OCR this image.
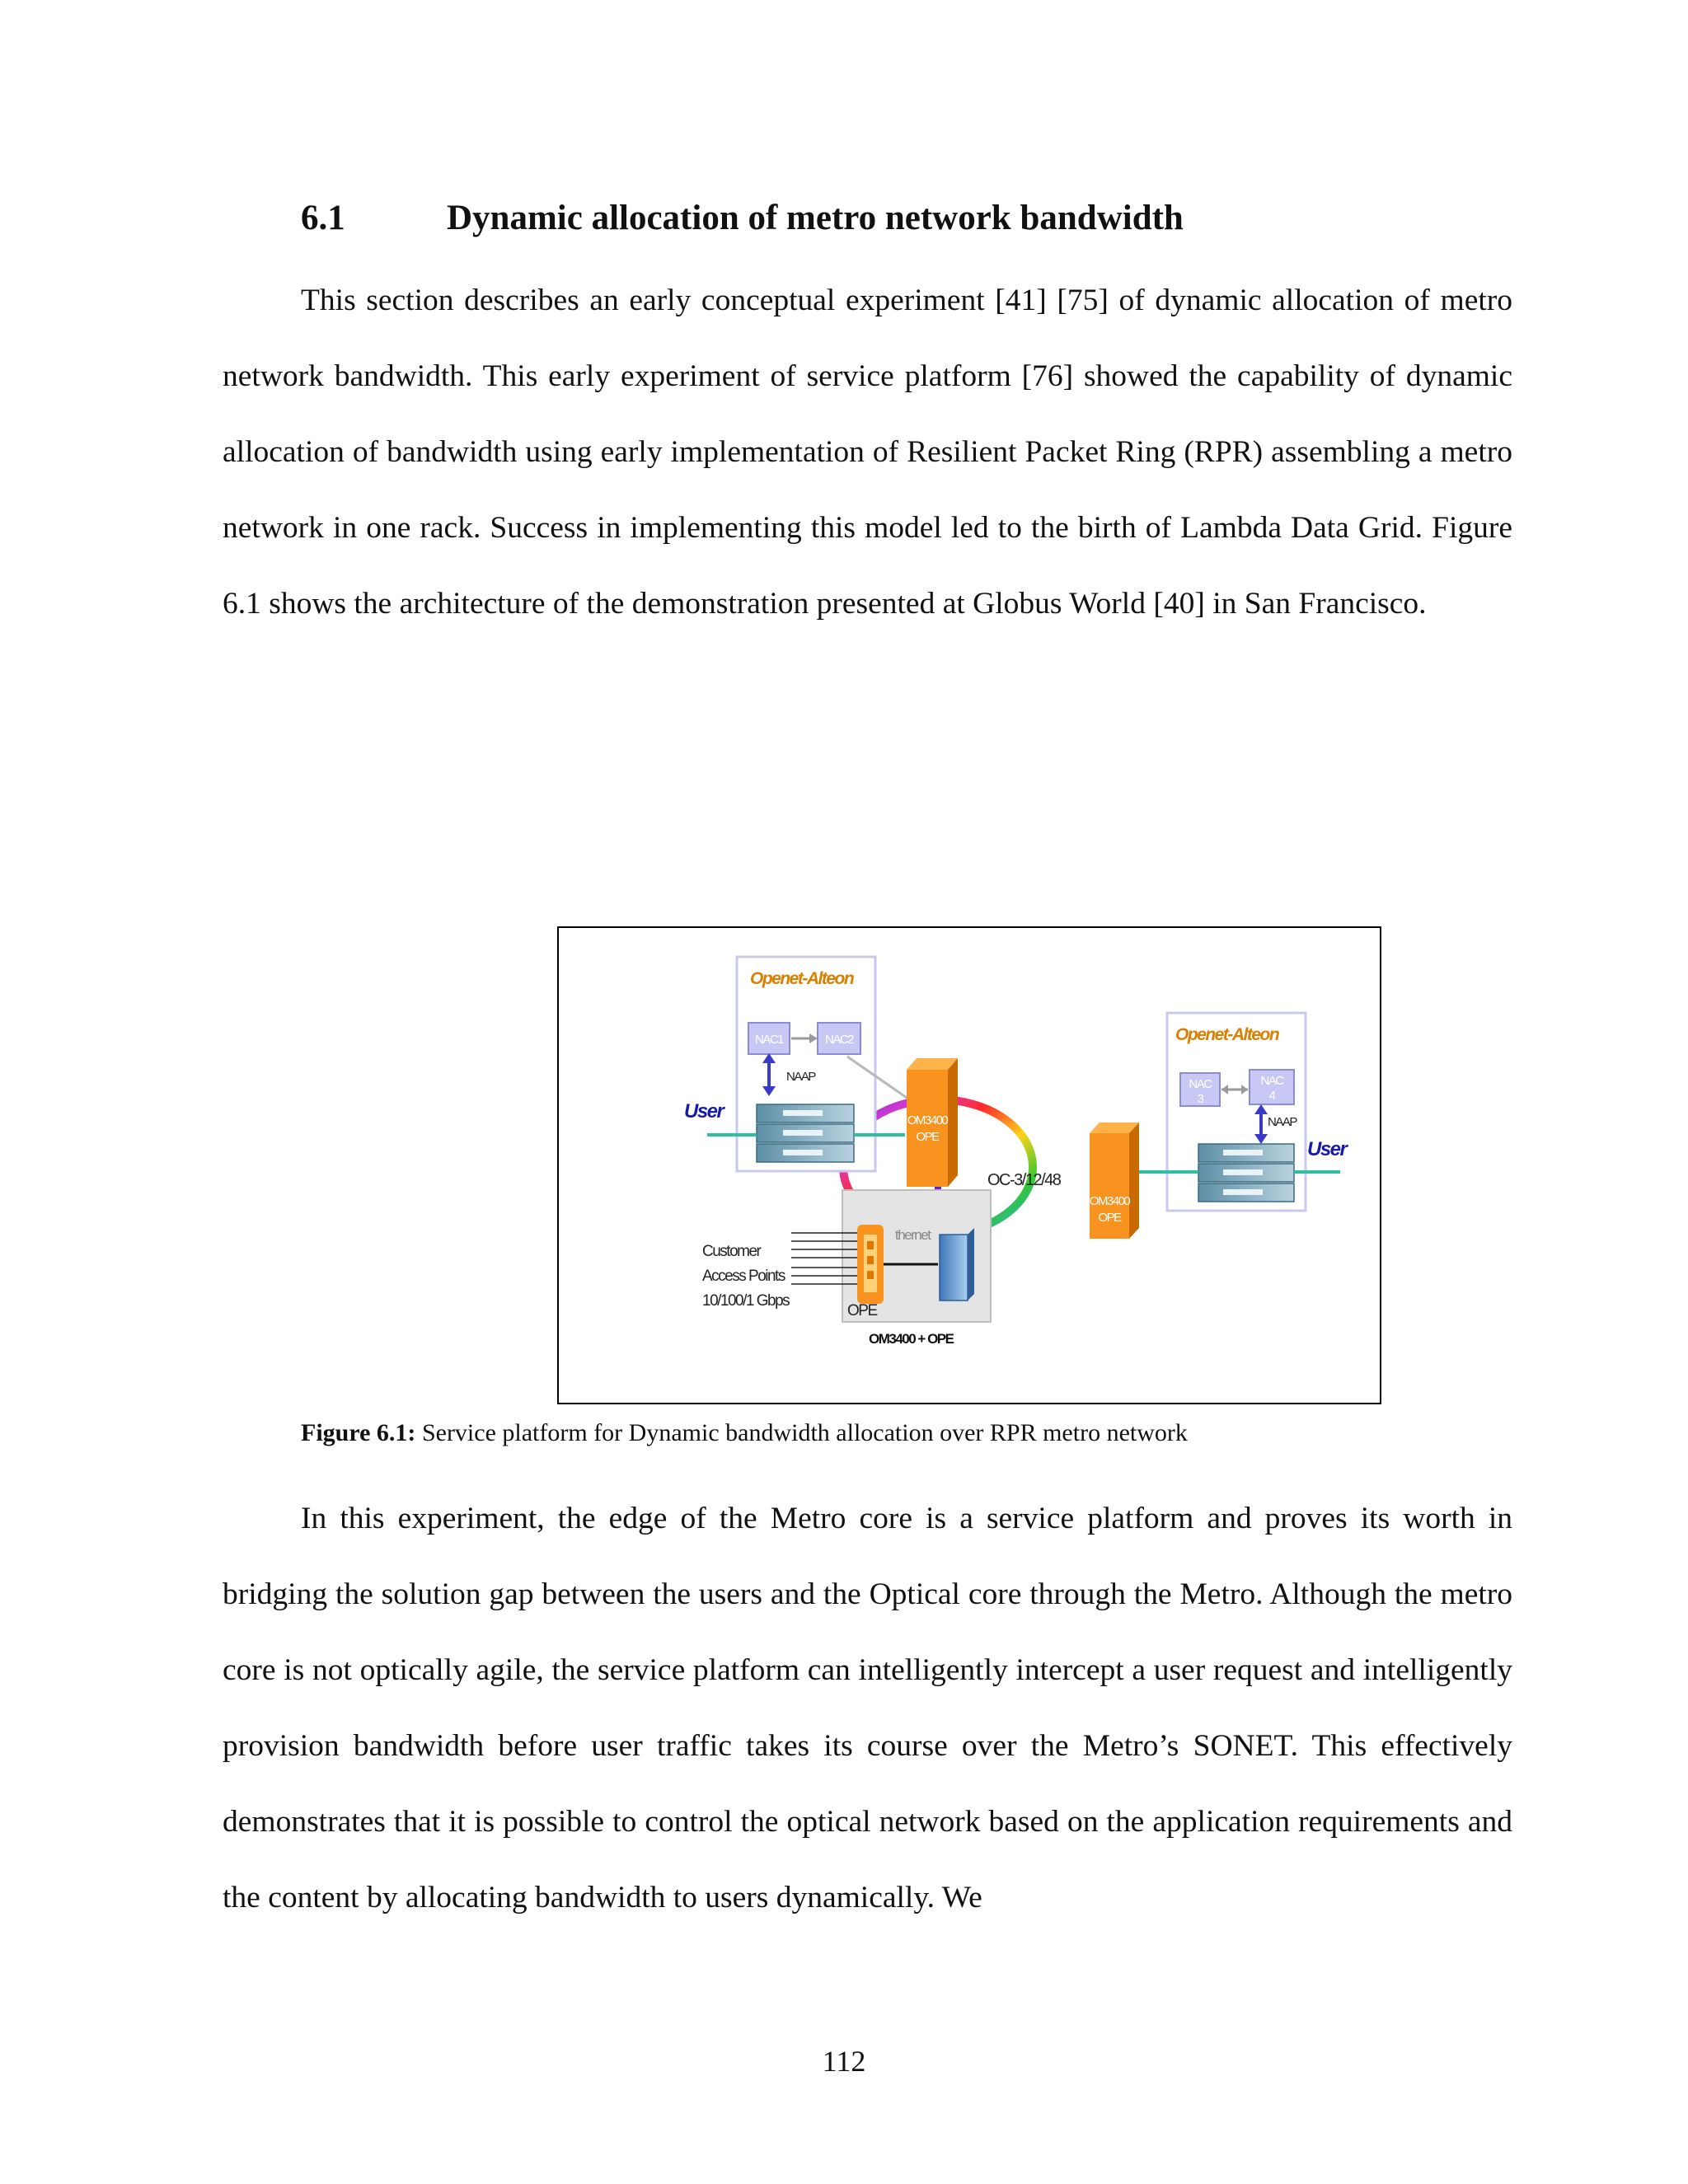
6.1	Dynamic allocation of metro network bandwidth

This section describes an early conceptual experiment [41] [75] of dynamic allocation of metro network bandwidth. This early experiment of service platform [76] showed the capability of dynamic allocation of bandwidth using early implementation of Resilient Packet Ring (RPR) assembling a metro network in one rack. Success in implementing this model led to the birth of Lambda Data Grid. Figure 6.1 shows the architecture of the demonstration presented at Globus World [40] in San Francisco.

Openet-Alteon
NAC1	NAC2
NAAP
User	OM3400
OPE
thernet
OPE
Customer
Access Points
10/100/1 Gbps
OM3400 + OPE
OC-3/12/48
OM3400
OPE
Openet-Alteon
NAC
3
NAC
4
NAAP
User

Figure 6.1: Service platform for Dynamic bandwidth allocation over RPR metro network

In this experiment, the edge of the Metro core is a service platform and proves its worth in bridging the solution gap between the users and the Optical core through the Metro. Although the metro core is not optically agile, the service platform can intelligently intercept a user request and intelligently provision bandwidth before user traffic takes its course over the Metro’s SONET. This effectively demonstrates that it is possible to control the optical network based on the application requirements and the content by allocating bandwidth to users dynamically. We

112
